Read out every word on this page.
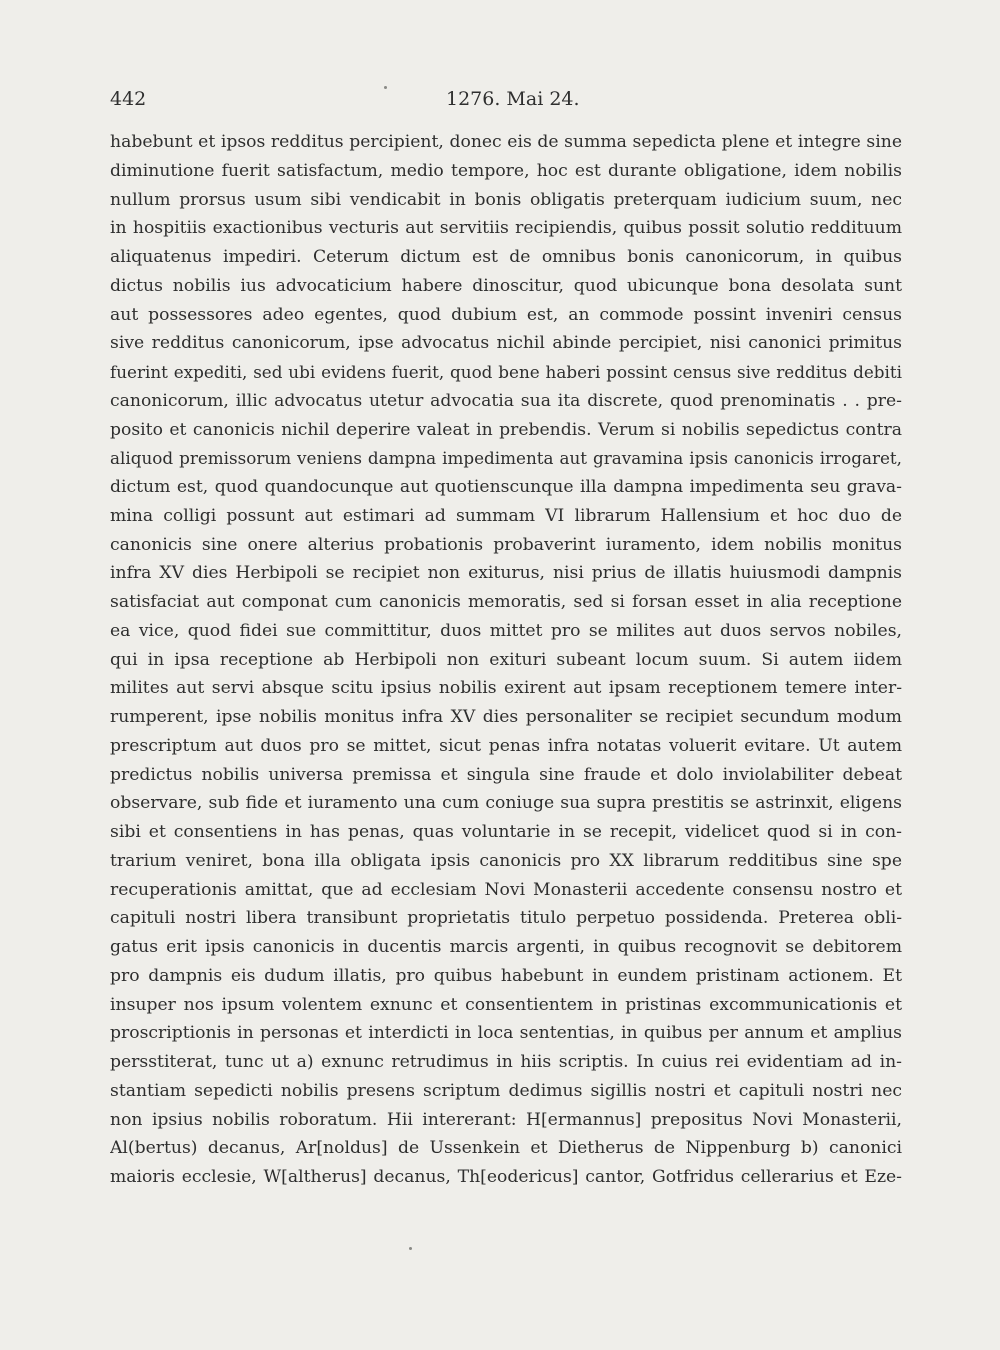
442	1276. Mai 24.
habebunt et ipsos redditus percipient, donec eis de summa sepedicta plene et integre sine
diminutione fuerit satisfactum, medio tempore, hoc est durante obligatione, idem nobilis
nullum prorsus usum sibi vendicabit in bonis obligatis preterquam iudicium suum, nec
in hospitiis exactionibus vecturis aut servitiis recipiendis, quibus possit solutio reddituum
aliquatenus impediri. Ceterum dictum est de omnibus bonis canonicorum, in quibus
dictus nobilis ius advocaticium habere dinoscitur, quod ubicunque bona desolata sunt
aut possessores adeo egentes, quod dubium est, an commode possint inveniri census
sive redditus canonicorum, ipse advocatus nichil abinde percipiet, nisi canonici primitus
fuerint expediti, sed ubi evidens fuerit, quod bene haberi possint census sive redditus debiti
canonicorum, illic advocatus utetur advocatia sua ita discrete, quod prenominatis . . pre-
posito et canonicis nichil deperire valeat in prebendis. Verum si nobilis sepedictus contra
aliquod premissorum veniens dampna impedimenta aut gravamina ipsis canonicis irrogaret,
dictum est, quod quandocunque aut quotienscunque illa dampna impedimenta seu grava-
mina colligi possunt aut estimari ad summam VI librarum Hallensium et hoc duo de
canonicis sine onere alterius probationis probaverint iuramento, idem nobilis monitus
infra XV dies Herbipoli se recipiet non exiturus, nisi prius de illatis huiusmodi dampnis
satisfaciat aut componat cum canonicis memoratis, sed si forsan esset in alia receptione
ea vice, quod fidei sue committitur, duos mittet pro se milites aut duos servos nobiles,
qui in ipsa receptione ab Herbipoli non exituri subeant locum suum. Si autem iidem
milites aut servi absque scitu ipsius nobilis exirent aut ipsam receptionem temere inter-
rumperent, ipse nobilis monitus infra XV dies personaliter se recipiet secundum modum
prescriptum aut duos pro se mittet, sicut penas infra notatas voluerit evitare. Ut autem
predictus nobilis universa premissa et singula sine fraude et dolo inviolabiliter debeat
observare, sub fide et iuramento una cum coniuge sua supra prestitis se astrinxit, eligens
sibi et consentiens in has penas, quas voluntarie in se recepit, videlicet quod si in con-
trarium veniret, bona illa obligata ipsis canonicis pro XX librarum redditibus sine spe
recuperationis amittat, que ad ecclesiam Novi Monasterii accedente consensu nostro et
capituli nostri libera transibunt proprietatis titulo perpetuo possidenda. Preterea obli-
gatus erit ipsis canonicis in ducentis marcis argenti, in quibus recognovit se debitorem
pro dampnis eis dudum illatis, pro quibus habebunt in eundem pristinam actionem. Et
insuper nos ipsum volentem exnunc et consentientem in pristinas excommunicationis et
proscriptionis in personas et interdicti in loca sententias, in quibus per annum et amplius
persstiterat, tunc ut a) exnunc retrudimus in hiis scriptis. In cuius rei evidentiam ad in-
stantiam sepedicti nobilis presens scriptum dedimus sigillis nostri et capituli nostri nec
non ipsius nobilis roboratum. Hii intererant: H[ermannus] prepositus Novi Monasterii,
Al(bertus) decanus, Ar[noldus] de Ussenkein et Dietherus de Nippenburg b) canonici
maioris ecclesie, W[altherus] decanus, Th[eodericus] cantor, Gotfridus cellerarius et Eze-
